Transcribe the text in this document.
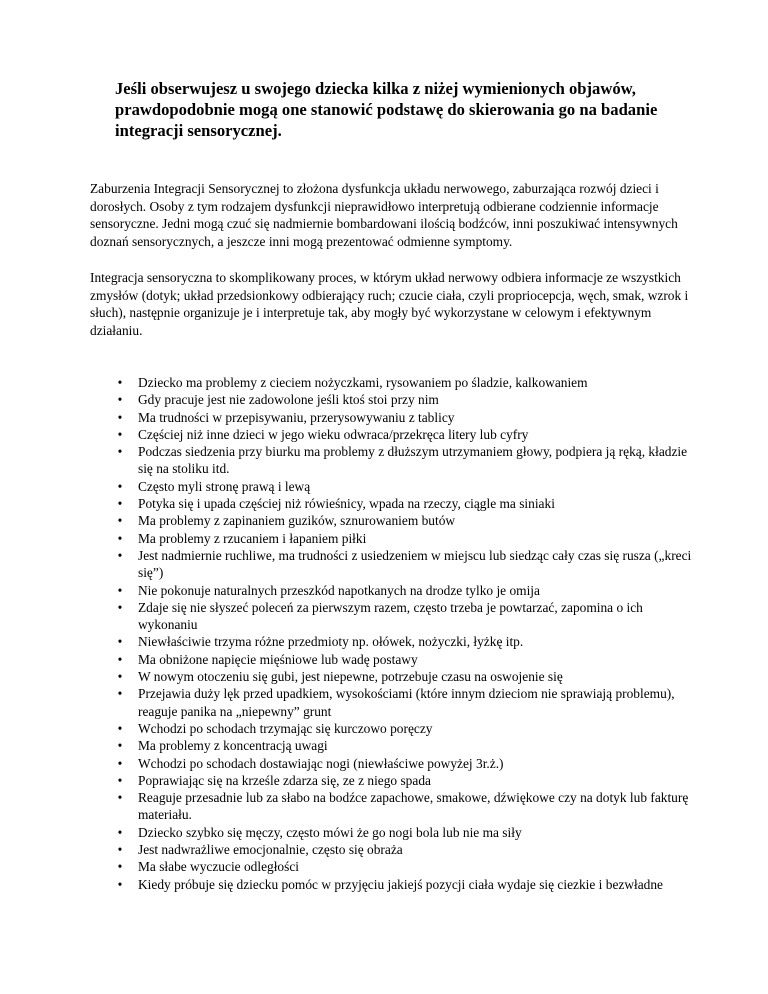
Jeśli obserwujesz u swojego dziecka kilka z niżej wymienionych objawów, prawdopodobnie mogą one stanowić podstawę do skierowania go na badanie integracji sensorycznej.

Zaburzenia Integracji Sensorycznej to złożona dysfunkcja układu nerwowego, zaburzająca rozwój dzieci i dorosłych. Osoby z tym rodzajem dysfunkcji nieprawidłowo interpretują odbierane codziennie informacje sensoryczne. Jedni mogą czuć się nadmiernie bombardowani ilością bodźców, inni poszukiwać intensywnych doznań sensorycznych, a jeszcze inni mogą prezentować odmienne symptomy.

Integracja sensoryczna to skomplikowany proces, w którym układ nerwowy odbiera informacje ze wszystkich zmysłów (dotyk; układ przedsionkowy odbierający ruch; czucie ciała, czyli propriocepcja, węch, smak, wzrok i słuch), następnie organizuje je i interpretuje tak, aby mogły być wykorzystane w celowym i efektywnym działaniu.

• Dziecko ma problemy z cieciem nożyczkami, rysowaniem po śladzie, kalkowaniem
• Gdy pracuje jest nie zadowolone jeśli ktoś stoi przy nim
• Ma trudności w przepisywaniu, przerysowywaniu z tablicy
• Częściej niż inne dzieci w jego wieku odwraca/przekręca litery lub cyfry
• Podczas siedzenia przy biurku ma problemy z dłuższym utrzymaniem głowy, podpiera ją ręką, kładzie się na stoliku itd.
• Często myli stronę prawą i lewą
• Potyka się i upada częściej niż rówieśnicy, wpada na rzeczy, ciągle ma siniaki
• Ma problemy z zapinaniem guzików, sznurowaniem butów
• Ma problemy z rzucaniem i łapaniem piłki
• Jest nadmiernie ruchliwe, ma trudności z usiedzeniem w miejscu lub siedząc cały czas się rusza („kreci się”)
• Nie pokonuje naturalnych przeszkód napotkanych na drodze tylko je omija
• Zdaje się nie słyszeć poleceń za pierwszym razem, często trzeba je powtarzać, zapomina o ich wykonaniu
• Niewłaściwie trzyma różne przedmioty np. ołówek, nożyczki, łyżkę itp.
• Ma obniżone napięcie mięśniowe lub wadę postawy
• W nowym otoczeniu się gubi, jest niepewne, potrzebuje czasu na oswojenie się
• Przejawia duży lęk przed upadkiem, wysokościami (które innym dzieciom nie sprawiają problemu), reaguje panika na „niepewny” grunt
• Wchodzi po schodach trzymając się kurczowo poręczy
• Ma problemy z koncentracją uwagi
• Wchodzi po schodach dostawiając nogi (niewłaściwe powyżej 3r.ż.)
• Poprawiając się na krześle zdarza się, ze z niego spada
• Reaguje przesadnie lub za słabo na bodźce zapachowe, smakowe, dźwiękowe czy na dotyk lub fakturę materiału.
• Dziecko szybko się męczy, często mówi że go nogi bola lub nie ma siły
• Jest nadwrażliwe emocjonalnie, często się obraża
• Ma słabe wyczucie odległości
• Kiedy próbuje się dziecku pomóc w przyjęciu jakiejś pozycji ciała wydaje się ciezkie i bezwładne
